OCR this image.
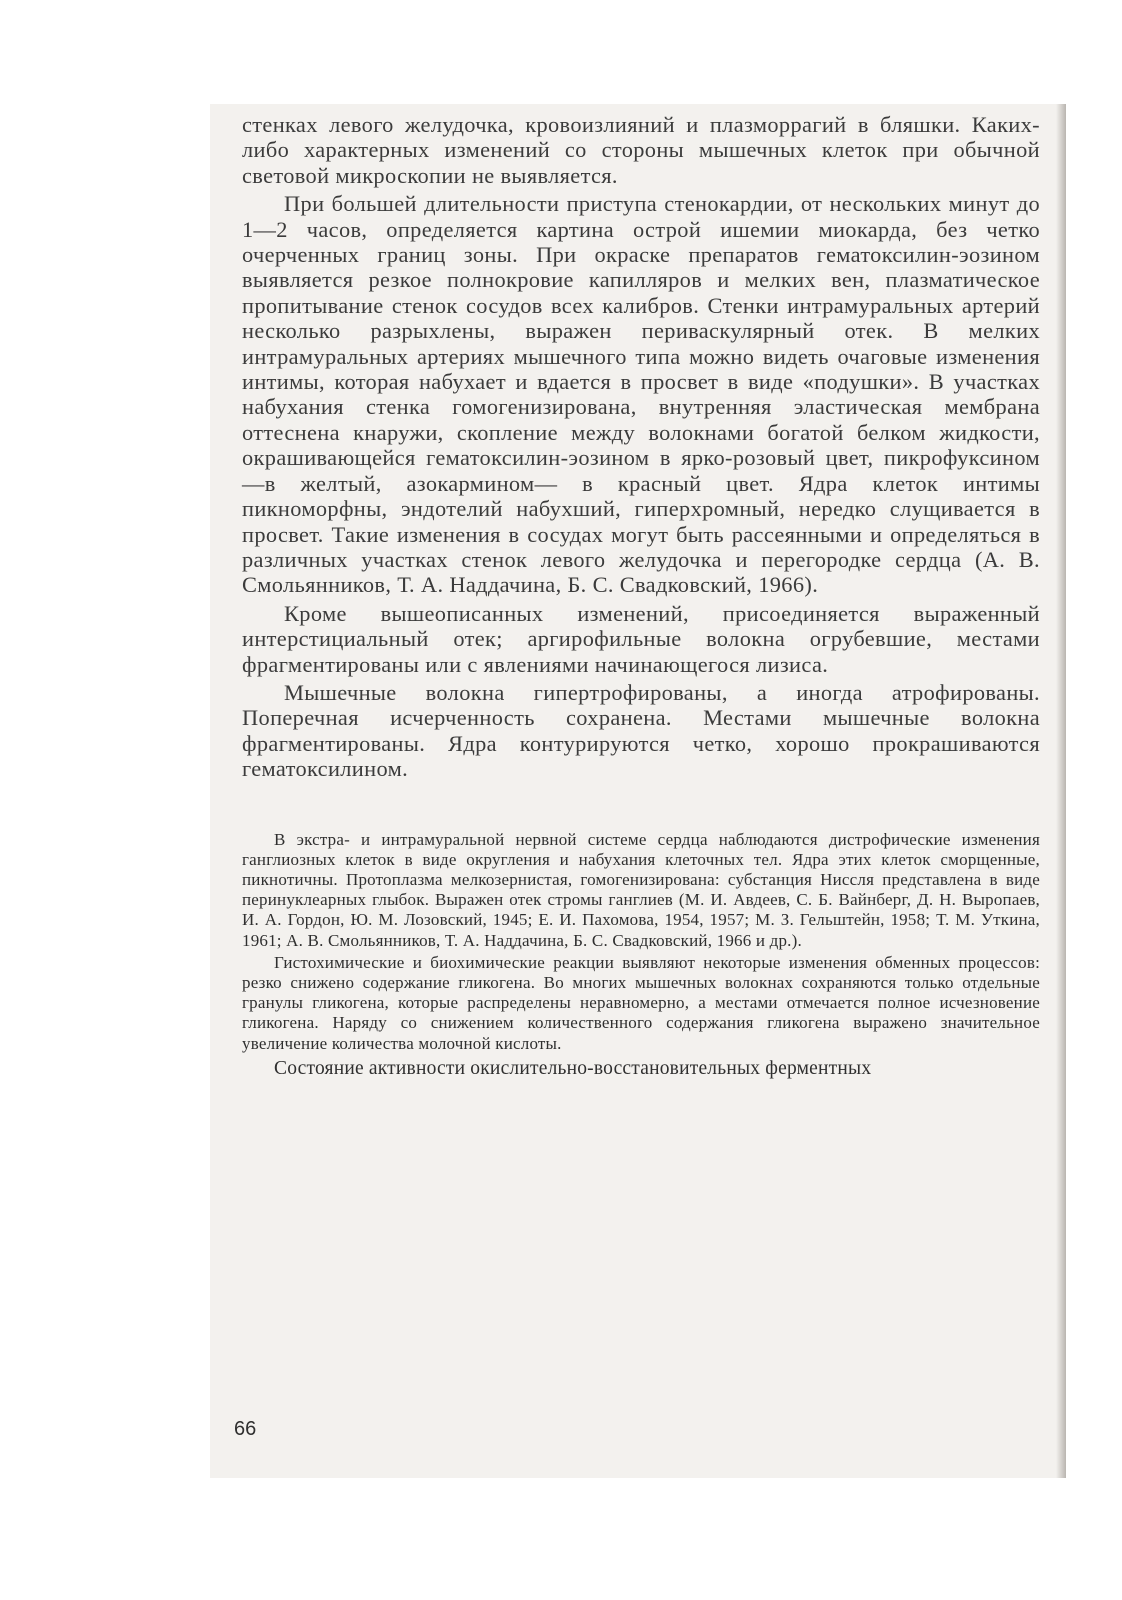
стенках левого желудочка, кровоизлияний и плазморрагий в бляшки. Каких-либо характерных изменений со стороны мышечных клеток при обычной световой микроскопии не выявляется.

При большей длительности приступа стенокардии, от нескольких минут до 1—2 часов, определяется картина острой ишемии миокарда, без четко очерченных границ зоны. При окраске препаратов гематоксилин-эозином выявляется резкое полнокровие капилляров и мелких вен, плазматическое пропитывание стенок сосудов всех калибров. Стенки интрамуральных артерий несколько разрыхлены, выражен периваскулярный отек. В мелких интрамуральных артериях мышечного типа можно видеть очаговые изменения интимы, которая набухает и вдается в просвет в виде «подушки». В участках набухания стенка гомогенизирована, внутренняя эластическая мембрана оттеснена кнаружи, скопление между волокнами богатой белком жидкости, окрашивающейся гематоксилин-эозином в ярко-розовый цвет, пикрофуксином—в желтый, азокармином— в красный цвет. Ядра клеток интимы пикноморфны, эндотелий набухший, гиперхромный, нередко слущивается в просвет. Такие изменения в сосудах могут быть рассеянными и определяться в различных участках стенок левого желудочка и перегородке сердца (А. В. Смольянников, Т. А. Наддачина, Б. С. Свадковский, 1966).

Кроме вышеописанных изменений, присоединяется выраженный интерстициальный отек; аргирофильные волокна огрубевшие, местами фрагментированы или с явлениями начинающегося лизиса.

Мышечные волокна гипертрофированы, а иногда атрофированы. Поперечная исчерченность сохранена. Местами мышечные волокна фрагментированы. Ядра контурируются четко, хорошо прокрашиваются гематоксилином.

В экстра- и интрамуральной нервной системе сердца наблюдаются дистрофические изменения ганглиозных клеток в виде округления и набухания клеточных тел. Ядра этих клеток сморщенные, пикнотичны. Протоплазма мелкозернистая, гомогенизирована: субстанция Ниссля представлена в виде перинуклеарных глыбок. Выражен отек стромы ганглиев (М. И. Авдеев, С. Б. Вайнберг, Д. Н. Выропаев, И. А. Гордон, Ю. М. Лозовский, 1945; Е. И. Пахомова, 1954, 1957; М. З. Гельштейн, 1958; Т. М. Уткина, 1961; А. В. Смольянников, Т. А. Наддачина, Б. С. Свадковский, 1966 и др.).

Гистохимические и биохимические реакции выявляют некоторые изменения обменных процессов: резко снижено содержание гликогена. Во многих мышечных волокнах сохраняются только отдельные гранулы гликогена, которые распределены неравномерно, а местами отмечается полное исчезновение гликогена. Наряду со снижением количественного содержания гликогена выражено значительное увеличение количества молочной кислоты.

Состояние активности окислительно-восстановительных ферментных

66
